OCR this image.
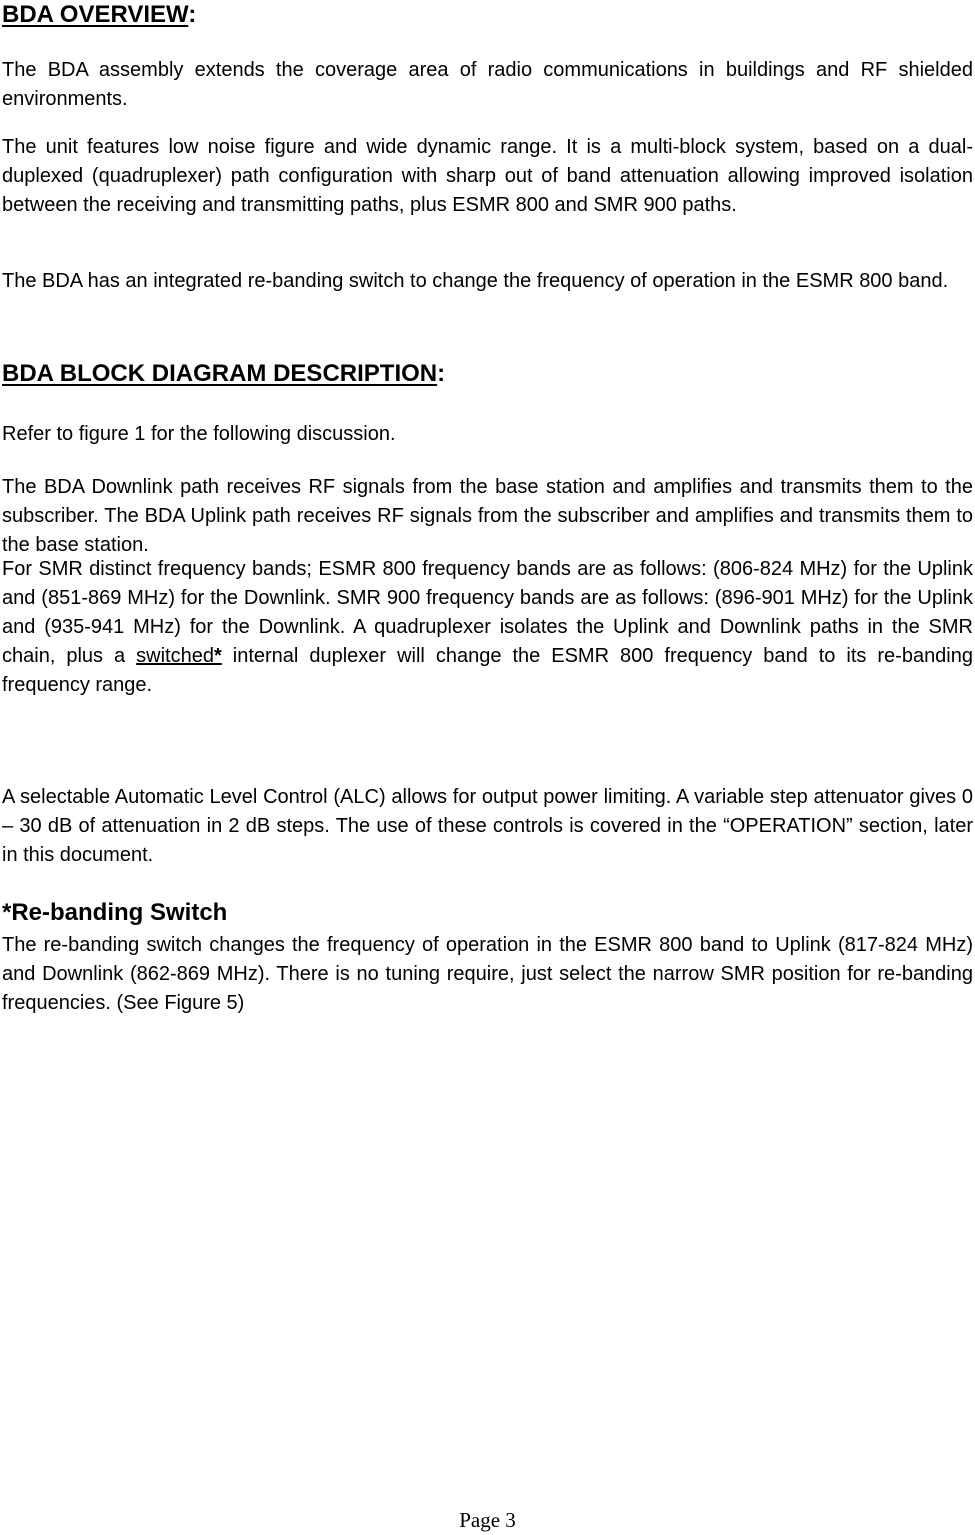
BDA OVERVIEW:

The BDA assembly extends the coverage area of radio communications in buildings and RF shielded environments.

The unit features low noise figure and wide dynamic range. It is a multi-block system, based on a dual-duplexed (quadruplexer) path configuration with sharp out of band attenuation allowing improved isolation between the receiving and transmitting paths, plus ESMR 800 and SMR 900 paths.

The BDA has an integrated re-banding switch to change the frequency of operation in the ESMR 800 band.

BDA BLOCK DIAGRAM DESCRIPTION:

Refer to figure 1 for the following discussion.

The BDA Downlink path receives RF signals from the base station and amplifies and transmits them to the subscriber. The BDA Uplink path receives RF signals from the subscriber and amplifies and transmits them to the base station.

For SMR distinct frequency bands; ESMR 800 frequency bands are as follows: (806-824 MHz) for the Uplink and (851-869 MHz) for the Downlink. SMR 900 frequency bands are as follows: (896-901 MHz) for the Uplink and (935-941 MHz) for the Downlink. A quadruplexer isolates the Uplink and Downlink paths in the SMR chain, plus a switched* internal duplexer will change the ESMR 800 frequency band to its re-banding frequency range.

A selectable Automatic Level Control (ALC) allows for output power limiting. A variable step attenuator gives 0 – 30 dB of attenuation in 2 dB steps. The use of these controls is covered in the “OPERATION” section, later in this document.

*Re-banding Switch

The re-banding switch changes the frequency of operation in the ESMR 800 band to Uplink (817-824 MHz) and Downlink (862-869 MHz). There is no tuning require, just select the narrow SMR position for re-banding frequencies. (See Figure 5)

Page 3
